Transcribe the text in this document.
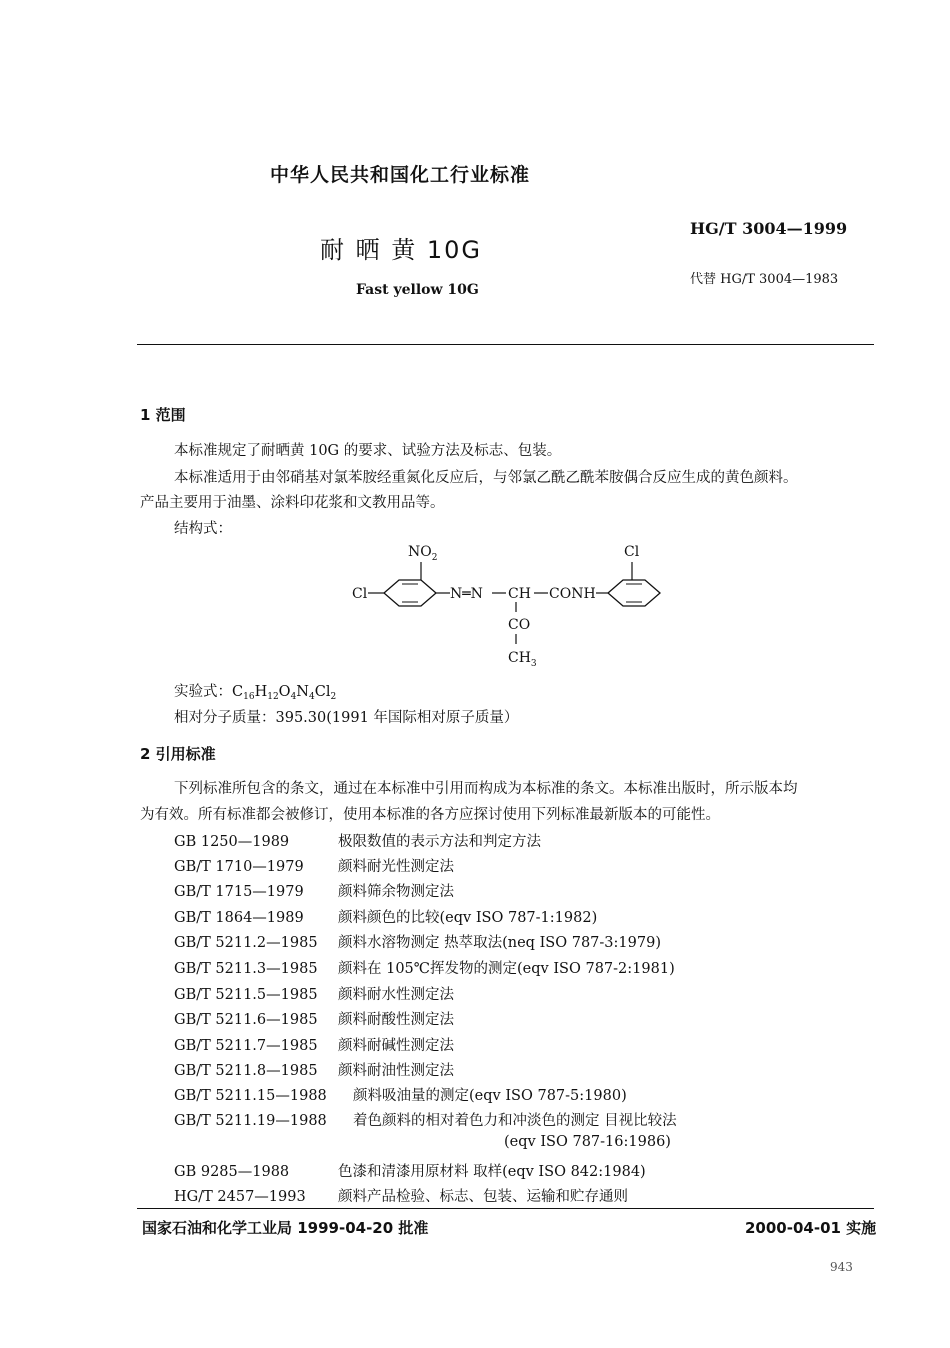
中华人民共和国化工行业标准
耐 晒 黄 10G
Fast yellow 10G
HG/T 3004—1999
代替 HG/T 3004—1983
1 范围
本标准规定了耐晒黄 10G 的要求、试验方法及标志、包装。
本标准适用于由邻硝基对氯苯胺经重氮化反应后，与邻氯乙酰乙酰苯胺偶合反应生成的黄色颜料。
产品主要用于油墨、涂料印花浆和文教用品等。
结构式：
Cl
$NO_2$
N═N CH CONH
Cl
CO
$CH_3$
实验式：$C_{16}H_{12}O_4N_4Cl_2$
相对分子质量：395.30(1991 年国际相对原子质量）
2 引用标准
下列标准所包含的条文，通过在本标准中引用而构成为本标准的条文。本标准出版时，所示版本均
为有效。所有标准都会被修订，使用本标准的各方应探讨使用下列标准最新版本的可能性。
GB 1250—1989	极限数值的表示方法和判定方法
GB/T 1710—1979 颜料耐光性测定法
GB/T 1715—1979 颜料筛余物测定法
GB/T 1864—1989 颜料颜色的比较(eqv ISO 787-1:1982)
GB/T 5211.2—1985 颜料水溶物测定 热萃取法(neq ISO 787-3:1979)
GB/T 5211.3—1985 颜料在 105℃挥发物的测定(eqv ISO 787-2:1981)
GB/T 5211.5—1985 颜料耐水性测定法
GB/T 5211.6—1985 颜料耐酸性测定法
GB/T 5211.7—1985 颜料耐碱性测定法
GB/T 5211.8—1985 颜料耐油性测定法
GB/T 5211.15—1988 颜料吸油量的测定(eqv ISO 787-5:1980)
GB/T 5211.19—1988 着色颜料的相对着色力和冲淡色的测定 目视比较法
(eqv ISO 787-16:1986)
GB 9285—1988	色漆和清漆用原材料 取样(eqv ISO 842:1984)
HG/T 2457—1993 颜料产品检验、标志、包装、运输和贮存通则
国家石油和化学工业局 1999-04-20 批准	2000-04-01 实施
943
